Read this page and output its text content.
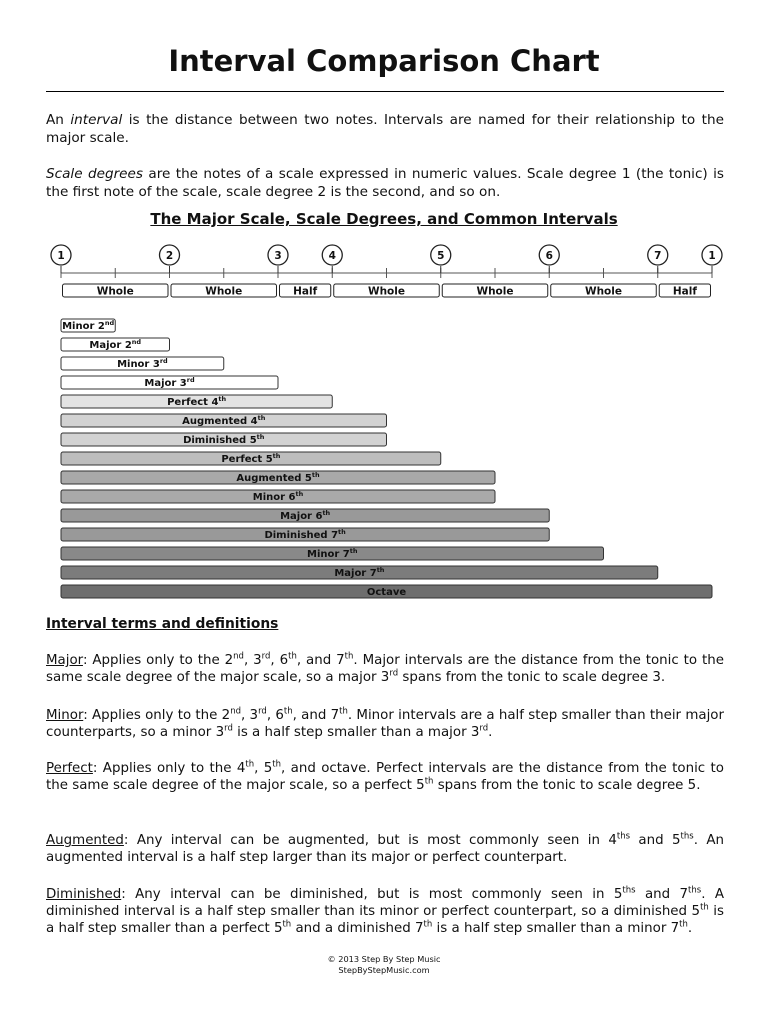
Interval Comparison Chart
An interval is the distance between two notes. Intervals are named for their relationship to the major scale.
Scale degrees are the notes of a scale expressed in numeric values. Scale degree 1 (the tonic) is the first note of the scale, scale degree 2 is the second, and so on.
The Major Scale, Scale Degrees, and Common Intervals
1	2	3	4	5	6	7	1
Whole	Whole	Half	Whole	Whole	Whole	Half
Minor 2nd
Major 2nd
Minor 3rd
Major 3rd
Perfect 4th
Augmented 4th
Diminished 5th
Perfect 5th
Augmented 5th
Minor 6th
Major 6th
Diminished 7th
Minor 7th
Major 7th
Octave
Interval terms and definitions
Major: Applies only to the 2nd, 3rd, 6th, and 7th. Major intervals are the distance from the tonic to the same scale degree of the major scale, so a major 3rd spans from the tonic to scale degree 3.
Minor: Applies only to the 2nd, 3rd, 6th, and 7th. Minor intervals are a half step smaller than their major counterparts, so a minor 3rd is a half step smaller than a major 3rd.
Perfect: Applies only to the 4th, 5th, and octave. Perfect intervals are the distance from the tonic to the same scale degree of the major scale, so a perfect 5th spans from the tonic to scale degree 5.
Augmented: Any interval can be augmented, but is most commonly seen in $4^{ths}$ and $5^{ths}$. An augmented interval is a half step larger than its major or perfect counterpart.
Diminished: Any interval can be diminished, but is most commonly seen in $5^{ths}$ and $7^{ths}$. A diminished interval is a half step smaller than its minor or perfect counterpart, so a diminished 5th is a half step smaller than a perfect 5th and a diminished 7th is a half step smaller than a minor 7th.
© 2013 Step By Step Music
StepByStepMusic.com
